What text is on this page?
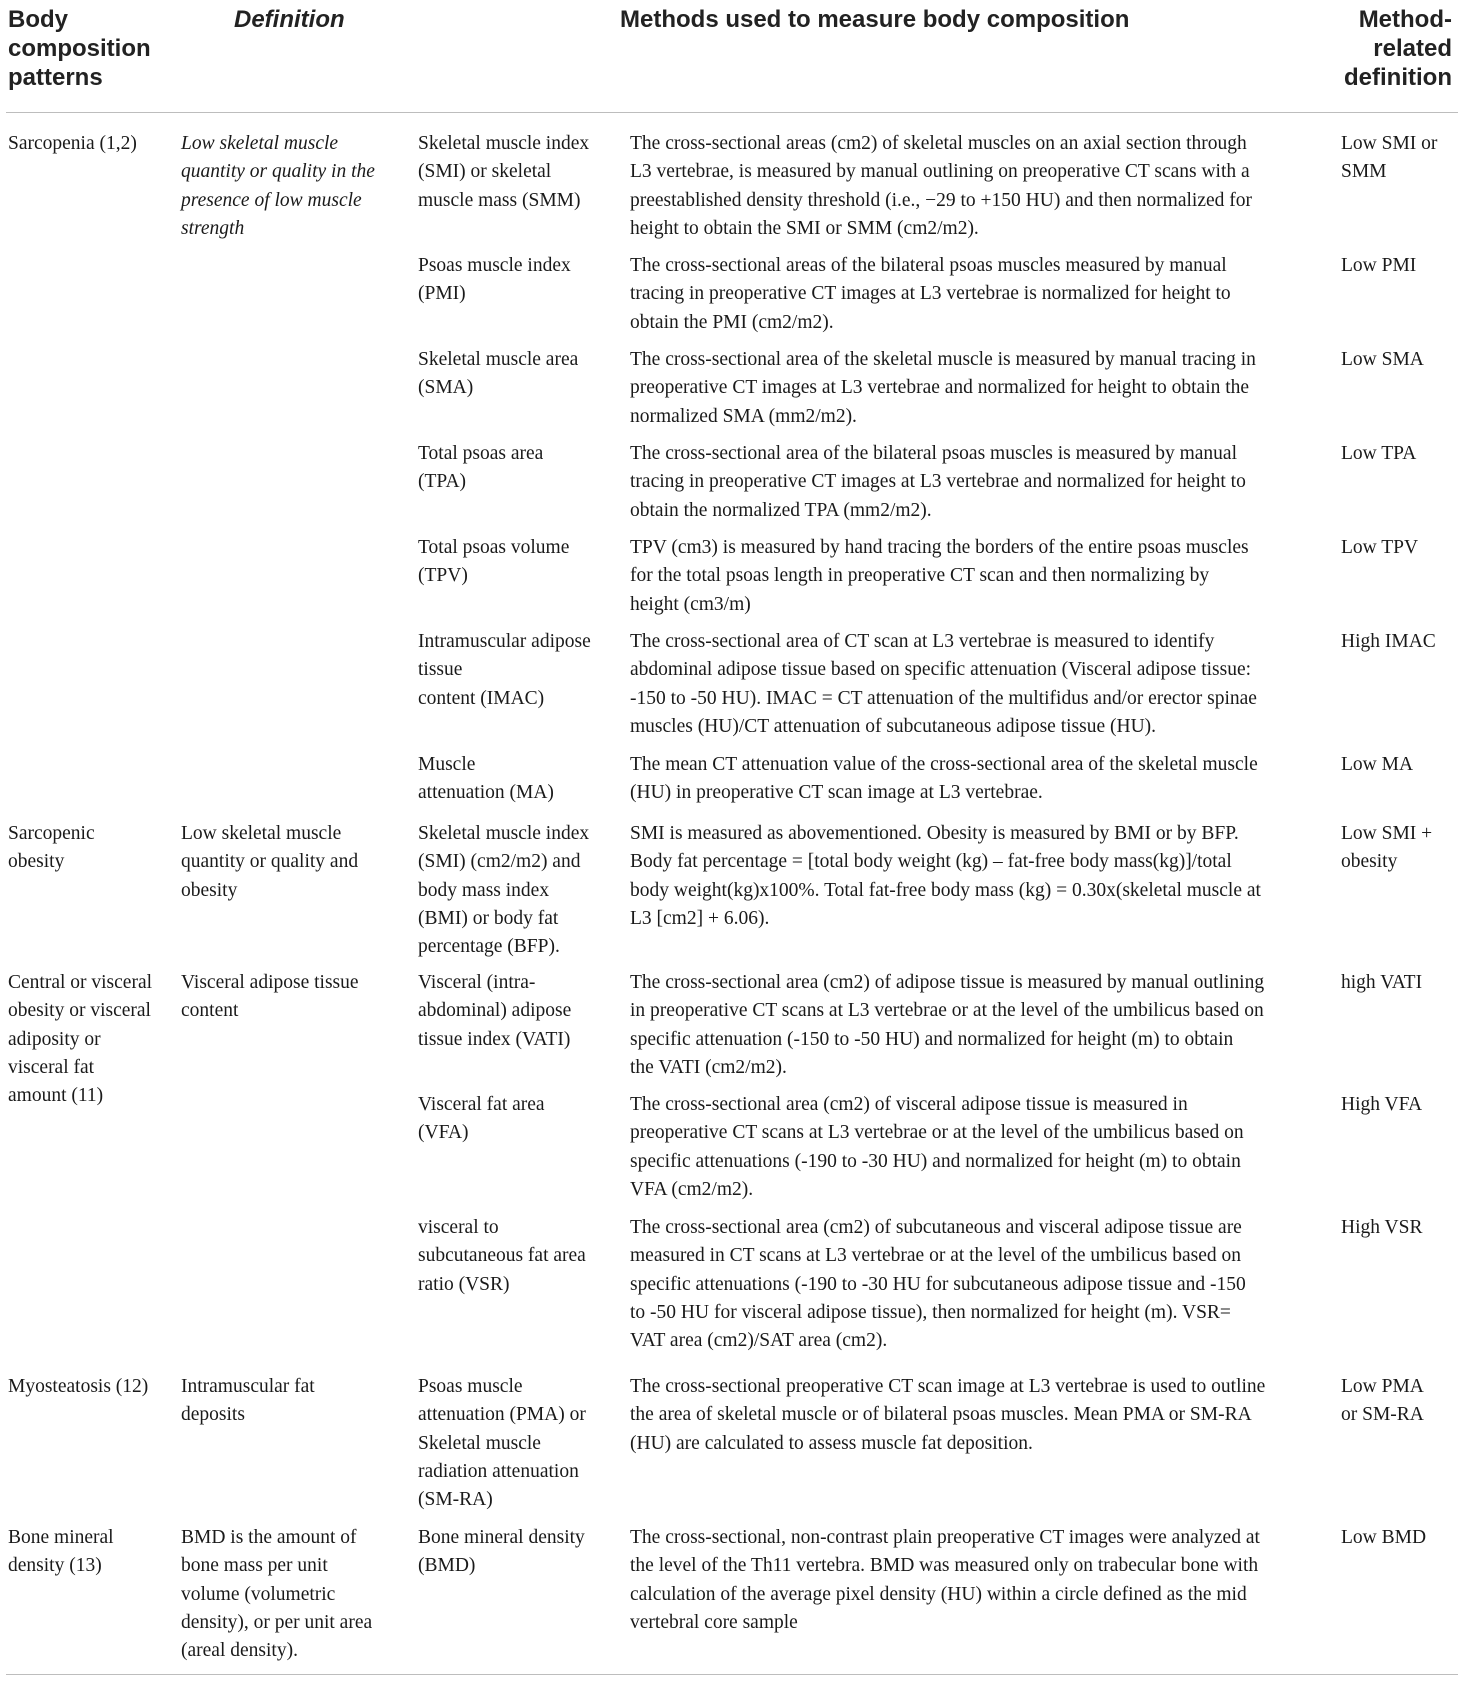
Body
composition
patterns
Definition	Methods used to measure body composition	Method-
related
definition
Sarcopenia (1,2) Low skeletal muscle
quantity or quality in the
presence of low muscle
strength
Skeletal muscle index
(SMI) or skeletal
muscle mass (SMM)
The cross-sectional areas (cm2) of skeletal muscles on an axial section through
L3 vertebrae, is measured by manual outlining on preoperative CT scans with a
preestablished density threshold (i.e., −29 to +150 HU) and then normalized for
height to obtain the SMI or SMM (cm2/m2).
Low SMI or
SMM
Psoas muscle index
(PMI)
The cross-sectional areas of the bilateral psoas muscles measured by manual
tracing in preoperative CT images at L3 vertebrae is normalized for height to
obtain the PMI (cm2/m2).
Low PMI
Skeletal muscle area
(SMA)
The cross-sectional area of the skeletal muscle is measured by manual tracing in
preoperative CT images at L3 vertebrae and normalized for height to obtain the
normalized SMA (mm2/m2).
Low SMA
Total psoas area
(TPA)
The cross-sectional area of the bilateral psoas muscles is measured by manual
tracing in preoperative CT images at L3 vertebrae and normalized for height to
obtain the normalized TPA (mm2/m2).
Low TPA
Total psoas volume
(TPV)
TPV (cm3) is measured by hand tracing the borders of the entire psoas muscles
for the total psoas length in preoperative CT scan and then normalizing by
height (cm3/m)
Low TPV
Intramuscular adipose
tissue
content (IMAC)
The cross-sectional area of CT scan at L3 vertebrae is measured to identify
abdominal adipose tissue based on specific attenuation (Visceral adipose tissue:
-150 to -50 HU). IMAC = CT attenuation of the multifidus and/or erector spinae
muscles (HU)/CT attenuation of subcutaneous adipose tissue (HU).
High IMAC
Muscle
attenuation (MA)
The mean CT attenuation value of the cross-sectional area of the skeletal muscle
(HU) in preoperative CT scan image at L3 vertebrae.
Low MA
Sarcopenic
obesity
Low skeletal muscle
quantity or quality and
obesity
Skeletal muscle index
(SMI) (cm2/m2) and
body mass index
(BMI) or body fat
percentage (BFP).
SMI is measured as abovementioned. Obesity is measured by BMI or by BFP.
Body fat percentage = [total body weight (kg) – fat-free body mass(kg)]/total
body weight(kg)x100%. Total fat-free body mass (kg) = 0.30x(skeletal muscle at
L3 [cm2] + 6.06).
Low SMI +
obesity
Central or visceral
obesity or visceral
adiposity or
visceral fat
amount (11)
Visceral adipose tissue
content
Visceral (intra-
abdominal) adipose
tissue index (VATI)
The cross-sectional area (cm2) of adipose tissue is measured by manual outlining
in preoperative CT scans at L3 vertebrae or at the level of the umbilicus based on
specific attenuation (-150 to -50 HU) and normalized for height (m) to obtain
the VATI (cm2/m2).
high VATI
Visceral fat area
(VFA)
The cross-sectional area (cm2) of visceral adipose tissue is measured in
preoperative CT scans at L3 vertebrae or at the level of the umbilicus based on
specific attenuations (-190 to -30 HU) and normalized for height (m) to obtain
VFA (cm2/m2).
High VFA
visceral to
subcutaneous fat area
ratio (VSR)
The cross-sectional area (cm2) of subcutaneous and visceral adipose tissue are
measured in CT scans at L3 vertebrae or at the level of the umbilicus based on
specific attenuations (-190 to -30 HU for subcutaneous adipose tissue and -150
to -50 HU for visceral adipose tissue), then normalized for height (m). VSR=
VAT area (cm2)/SAT area (cm2).
High VSR
Myosteatosis (12) Intramuscular fat
deposits
Psoas muscle
attenuation (PMA) or
Skeletal muscle
radiation attenuation
(SM-RA)
The cross-sectional preoperative CT scan image at L3 vertebrae is used to outline
the area of skeletal muscle or of bilateral psoas muscles. Mean PMA or SM-RA
(HU) are calculated to assess muscle fat deposition.
Low PMA
or SM-RA
Bone mineral
density (13)
BMD is the amount of
bone mass per unit
volume (volumetric
density), or per unit area
(areal density).
Bone mineral density
(BMD)
The cross-sectional, non-contrast plain preoperative CT images were analyzed at
the level of the Th11 vertebra. BMD was measured only on trabecular bone with
calculation of the average pixel density (HU) within a circle defined as the mid
vertebral core sample
Low BMD
